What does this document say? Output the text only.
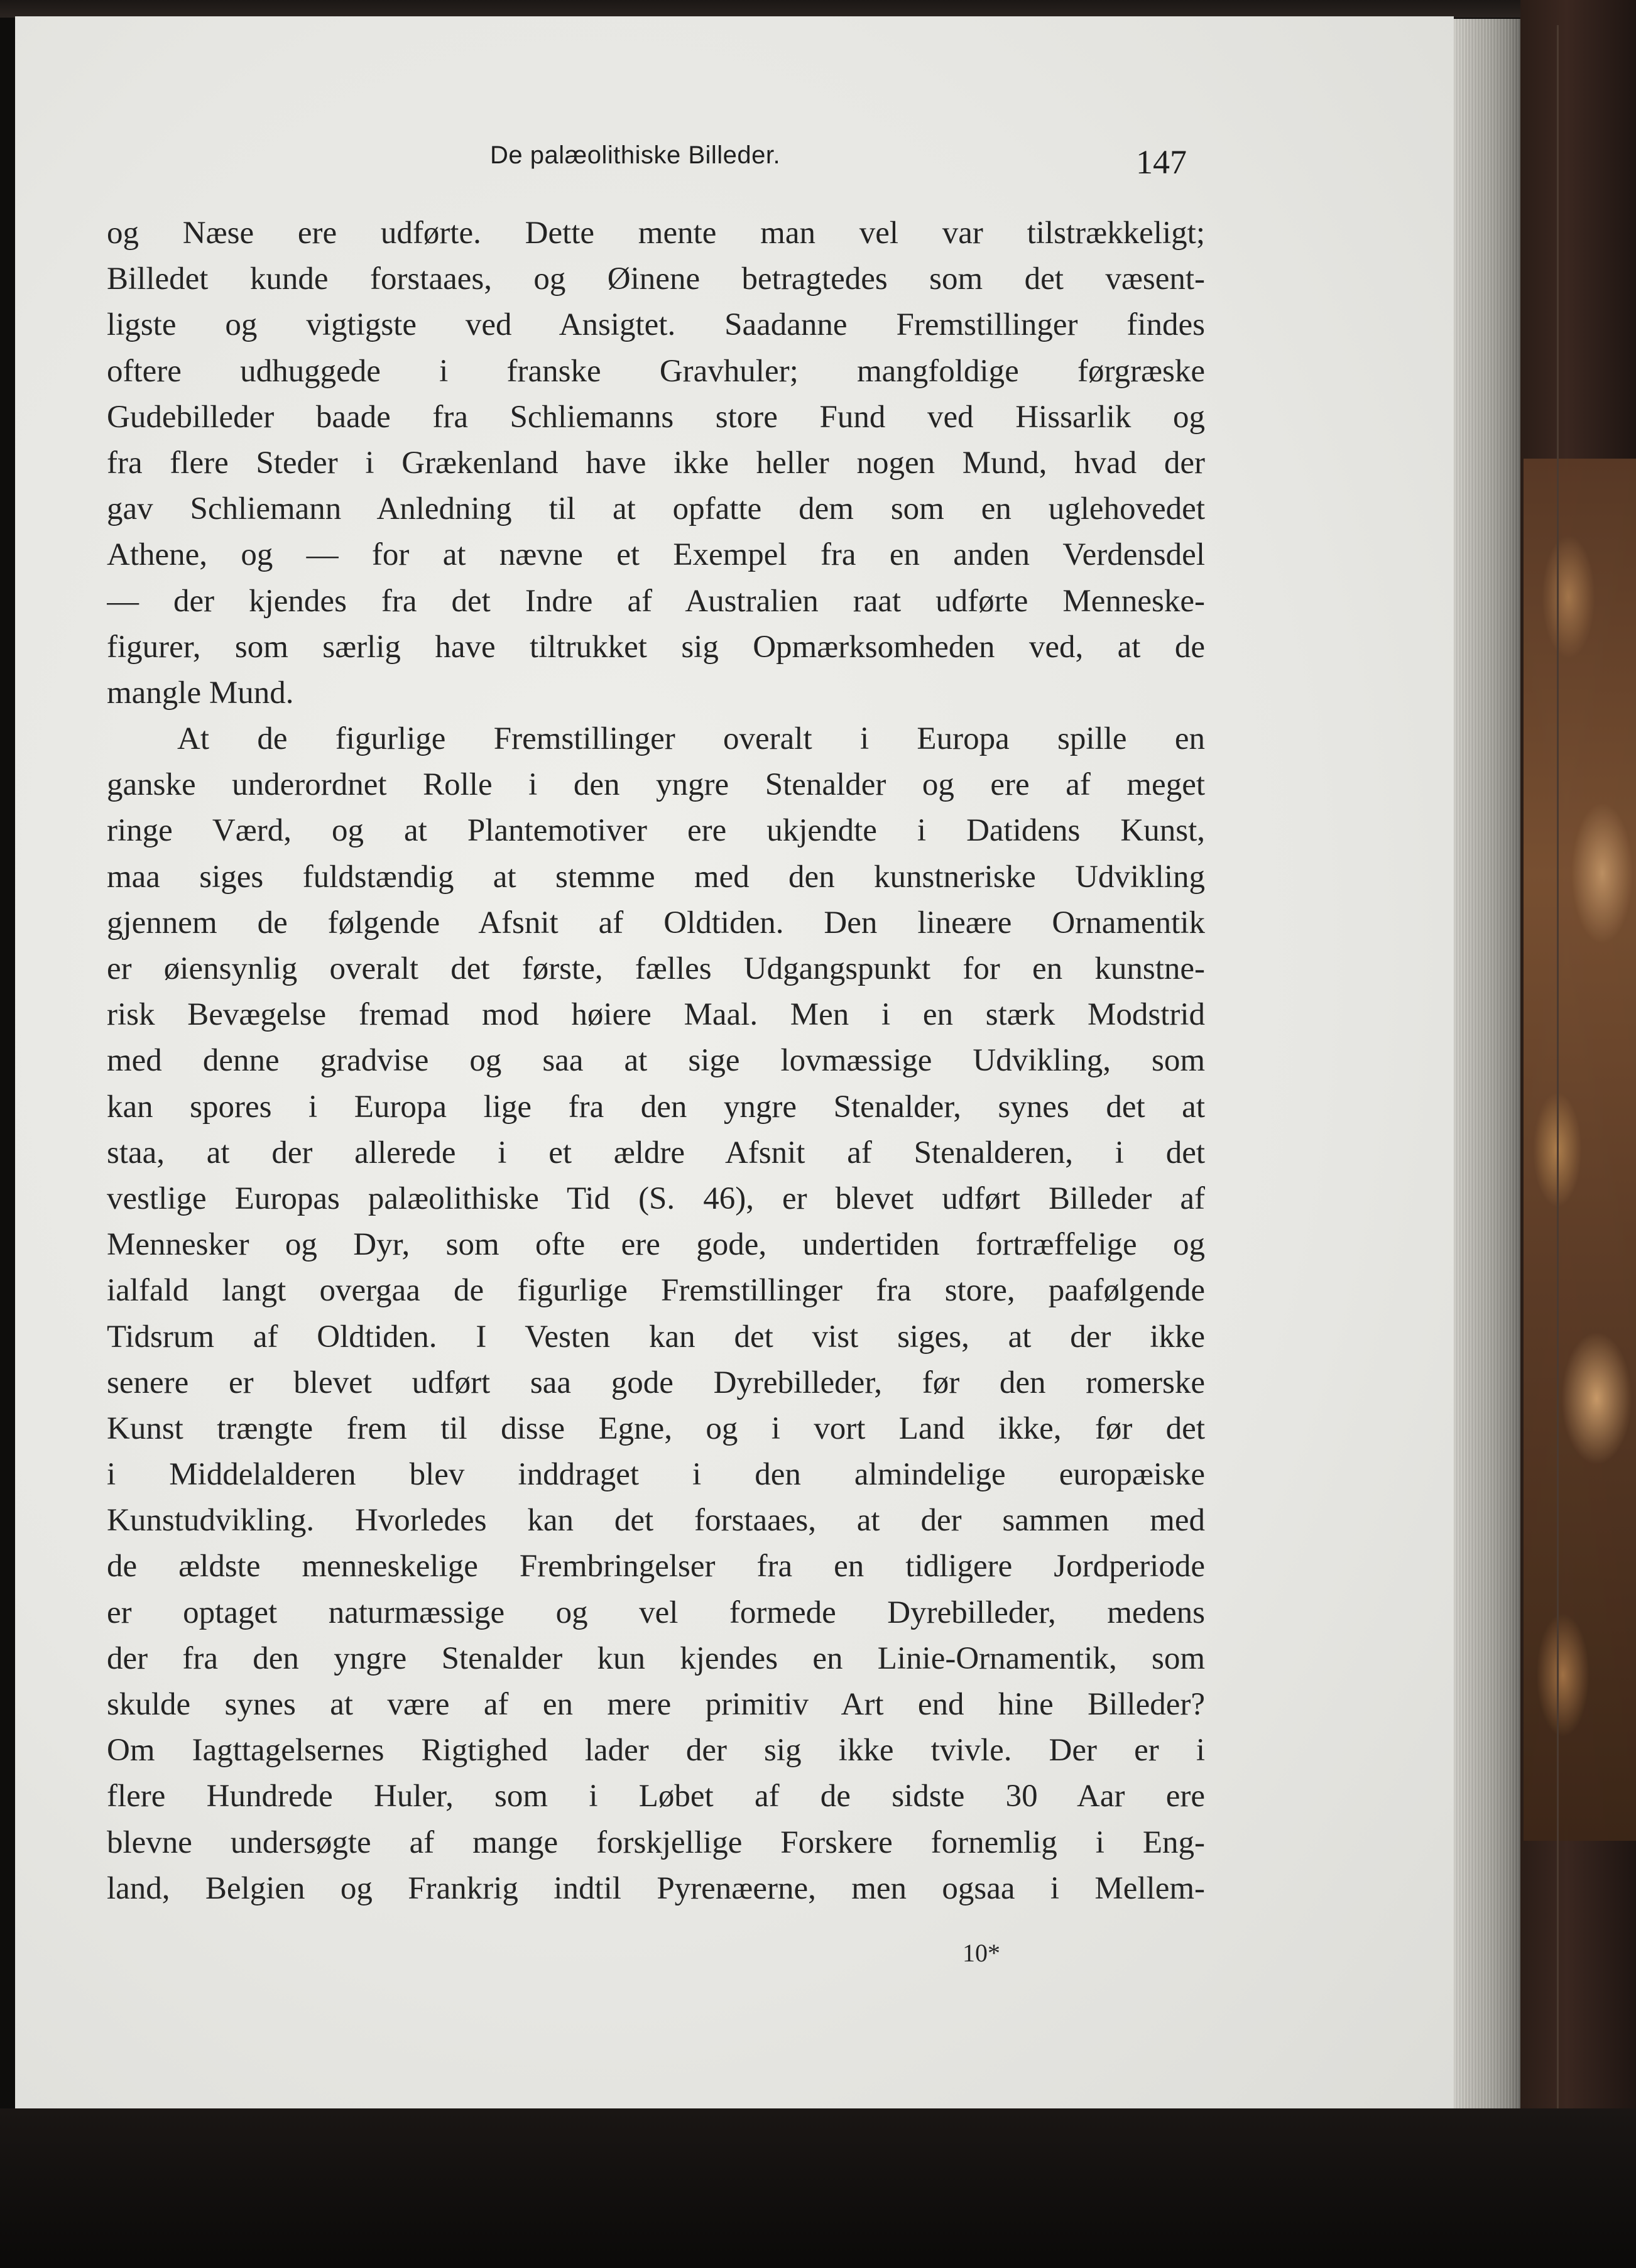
De palæolithiske Billeder.	147
og Næse ere udførte. Dette mente man vel var tilstrækkeligt;
Billedet kunde forstaaes, og Øinene betragtedes som det væsent-
ligste og vigtigste ved Ansigtet. Saadanne Fremstillinger findes
oftere udhuggede i franske Gravhuler; mangfoldige førgræske
Gudebilleder baade fra Schliemanns store Fund ved Hissarlik og
fra flere Steder i Grækenland have ikke heller nogen Mund, hvad der
gav Schliemann Anledning til at opfatte dem som en uglehovedet
Athene, og — for at nævne et Exempel fra en anden Verdensdel
— der kjendes fra det Indre af Australien raat udførte Menneske-
figurer, som særlig have tiltrukket sig Opmærksomheden ved, at de
mangle Mund.
At de figurlige Fremstillinger overalt i Europa spille en
ganske underordnet Rolle i den yngre Stenalder og ere af meget
ringe Værd, og at Plantemotiver ere ukjendte i Datidens Kunst,
maa siges fuldstændig at stemme med den kunstneriske Udvikling
gjennem de følgende Afsnit af Oldtiden. Den lineære Ornamentik
er øiensynlig overalt det første, fælles Udgangspunkt for en kunstne-
risk Bevægelse fremad mod høiere Maal. Men i en stærk Modstrid
med denne gradvise og saa at sige lovmæssige Udvikling, som
kan spores i Europa lige fra den yngre Stenalder, synes det at
staa, at der allerede i et ældre Afsnit af Stenalderen, i det
vestlige Europas palæolithiske Tid (S. 46), er blevet udført Billeder af
Mennesker og Dyr, som ofte ere gode, undertiden fortræffelige og
ialfald langt overgaa de figurlige Fremstillinger fra store, paafølgende
Tidsrum af Oldtiden. I Vesten kan det vist siges, at der ikke
senere er blevet udført saa gode Dyrebilleder, før den romerske
Kunst trængte frem til disse Egne, og i vort Land ikke, før det
i Middelalderen blev inddraget i den almindelige europæiske
Kunstudvikling. Hvorledes kan det forstaaes, at der sammen med
de ældste menneskelige Frembringelser fra en tidligere Jordperiode
er optaget naturmæssige og vel formede Dyrebilleder, medens
der fra den yngre Stenalder kun kjendes en Linie-Ornamentik, som
skulde synes at være af en mere primitiv Art end hine Billeder?
Om Iagttagelsernes Rigtighed lader der sig ikke tvivle. Der er i
flere Hundrede Huler, som i Løbet af de sidste 30 Aar ere
blevne undersøgte af mange forskjellige Forskere fornemlig i Eng-
land, Belgien og Frankrig indtil Pyrenæerne, men ogsaa i Mellem-
10*
